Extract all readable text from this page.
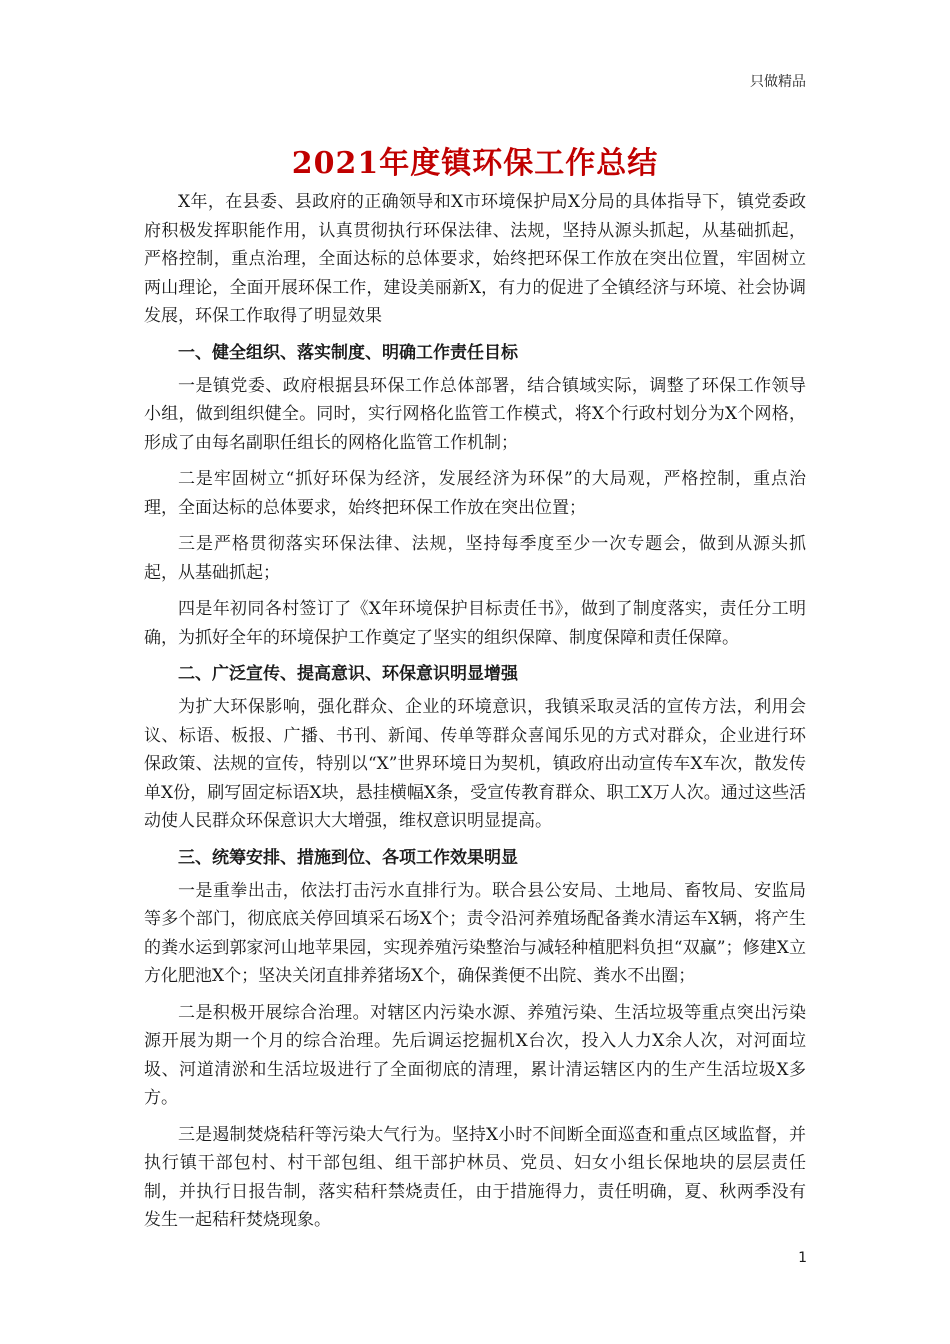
只做精品
2021年度镇环保工作总结

X年，在县委、县政府的正确领导和X市环境保护局X分局的具体指导下，镇党委政府积极发挥职能作用，认真贯彻执行环保法律、法规，坚持从源头抓起，从基础抓起，严格控制，重点治理，全面达标的总体要求，始终把环保工作放在突出位置，牢固树立两山理论，全面开展环保工作，建设美丽新X，有力的促进了全镇经济与环境、社会协调发展，环保工作取得了明显效果

一、健全组织、落实制度、明确工作责任目标

一是镇党委、政府根据县环保工作总体部署，结合镇域实际，调整了环保工作领导小组，做到组织健全。同时，实行网格化监管工作模式，将X个行政村划分为X个网格，形成了由每名副职任组长的网格化监管工作机制；

二是牢固树立“抓好环保为经济，发展经济为环保”的大局观，严格控制，重点治理，全面达标的总体要求，始终把环保工作放在突出位置；

三是严格贯彻落实环保法律、法规，坚持每季度至少一次专题会，做到从源头抓起，从基础抓起；

四是年初同各村签订了《X年环境保护目标责任书》，做到了制度落实，责任分工明确，为抓好全年的环境保护工作奠定了坚实的组织保障、制度保障和责任保障。

二、广泛宣传、提高意识、环保意识明显增强

为扩大环保影响，强化群众、企业的环境意识，我镇采取灵活的宣传方法，利用会议、标语、板报、广播、书刊、新闻、传单等群众喜闻乐见的方式对群众，企业进行环保政策、法规的宣传，特别以“X”世界环境日为契机，镇政府出动宣传车X车次，散发传单X份，刷写固定标语X块，悬挂横幅X条，受宣传教育群众、职工X万人次。通过这些活动使人民群众环保意识大大增强，维权意识明显提高。

三、统筹安排、措施到位、各项工作效果明显

一是重拳出击，依法打击污水直排行为。联合县公安局、土地局、畜牧局、安监局等多个部门，彻底底关停回填采石场X个；责令沿河养殖场配备粪水清运车X辆，将产生的粪水运到郭家河山地苹果园，实现养殖污染整治与减轻种植肥料负担“双赢”；修建X立方化肥池X个；坚决关闭直排养猪场X个，确保粪便不出院、粪水不出圈；

二是积极开展综合治理。对辖区内污染水源、养殖污染、生活垃圾等重点突出污染源开展为期一个月的综合治理。先后调运挖掘机X台次，投入人力X余人次，对河面垃圾、河道清淤和生活垃圾进行了全面彻底的清理，累计清运辖区内的生产生活垃圾X多方。

三是遏制焚烧秸秆等污染大气行为。坚持X小时不间断全面巡查和重点区域监督，并执行镇干部包村、村干部包组、组干部护林员、党员、妇女小组长保地块的层层责任制，并执行日报告制，落实秸秆禁烧责任，由于措施得力，责任明确，夏、秋两季没有发生一起秸秆焚烧现象。

1
